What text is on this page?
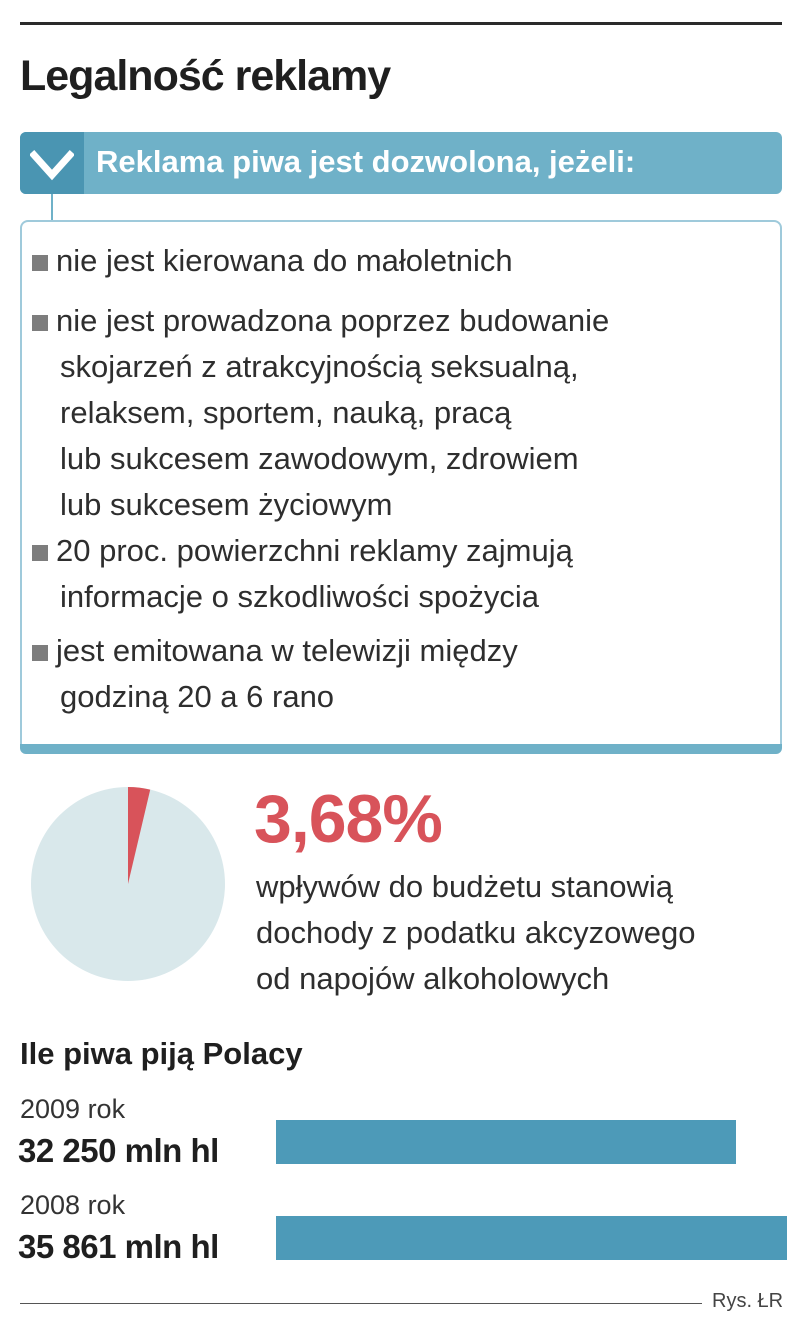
Legalność reklamy
Reklama piwa jest dozwolona, jeżeli:
nie jest kierowana do małoletnich
nie jest prowadzona poprzez budowanie
skojarzeń z atrakcyjnością seksualną,
relaksem, sportem, nauką, pracą
lub sukcesem zawodowym, zdrowiem
lub sukcesem życiowym
20 proc. powierzchni reklamy zajmują
informacje o szkodliwości spożycia
jest emitowana w telewizji między
godziną 20 a 6 rano
3,68%
wpływów do budżetu stanowią
dochody z podatku akcyzowego
od napojów alkoholowych
Ile piwa piją Polacy
2009 rok
32 250 mln hl
2008 rok
35 861 mln hl
Rys. ŁR
